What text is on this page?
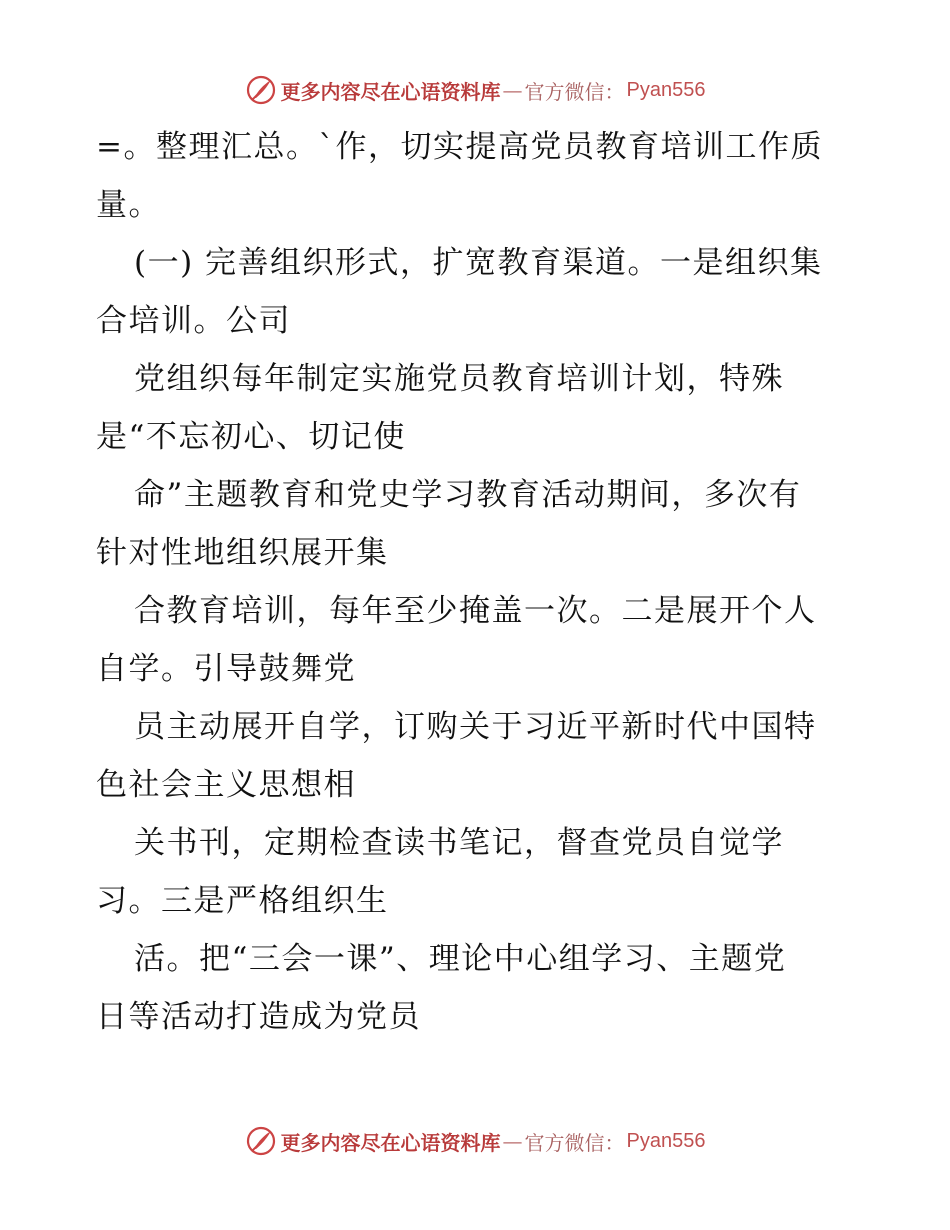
更多内容尽在心语资料库 — 官方微信： Pyan556
=。整理汇总。`作，切实提高党员教育培训工作质
量。
(一) 完善组织形式，扩宽教育渠道。一是组织集
合培训。公司
党组织每年制定实施党员教育培训计划，特殊
是“不忘初心、切记使
命”主题教育和党史学习教育活动期间，多次有
针对性地组织展开集
合教育培训，每年至少掩盖一次。二是展开个人
自学。引导鼓舞党
员主动展开自学，订购关于习近平新时代中国特
色社会主义思想相
关书刊，定期检查读书笔记，督查党员自觉学
习。三是严格组织生
活。把“三会一课”、理论中心组学习、主题党
日等活动打造成为党员
更多内容尽在心语资料库 — 官方微信： Pyan556
